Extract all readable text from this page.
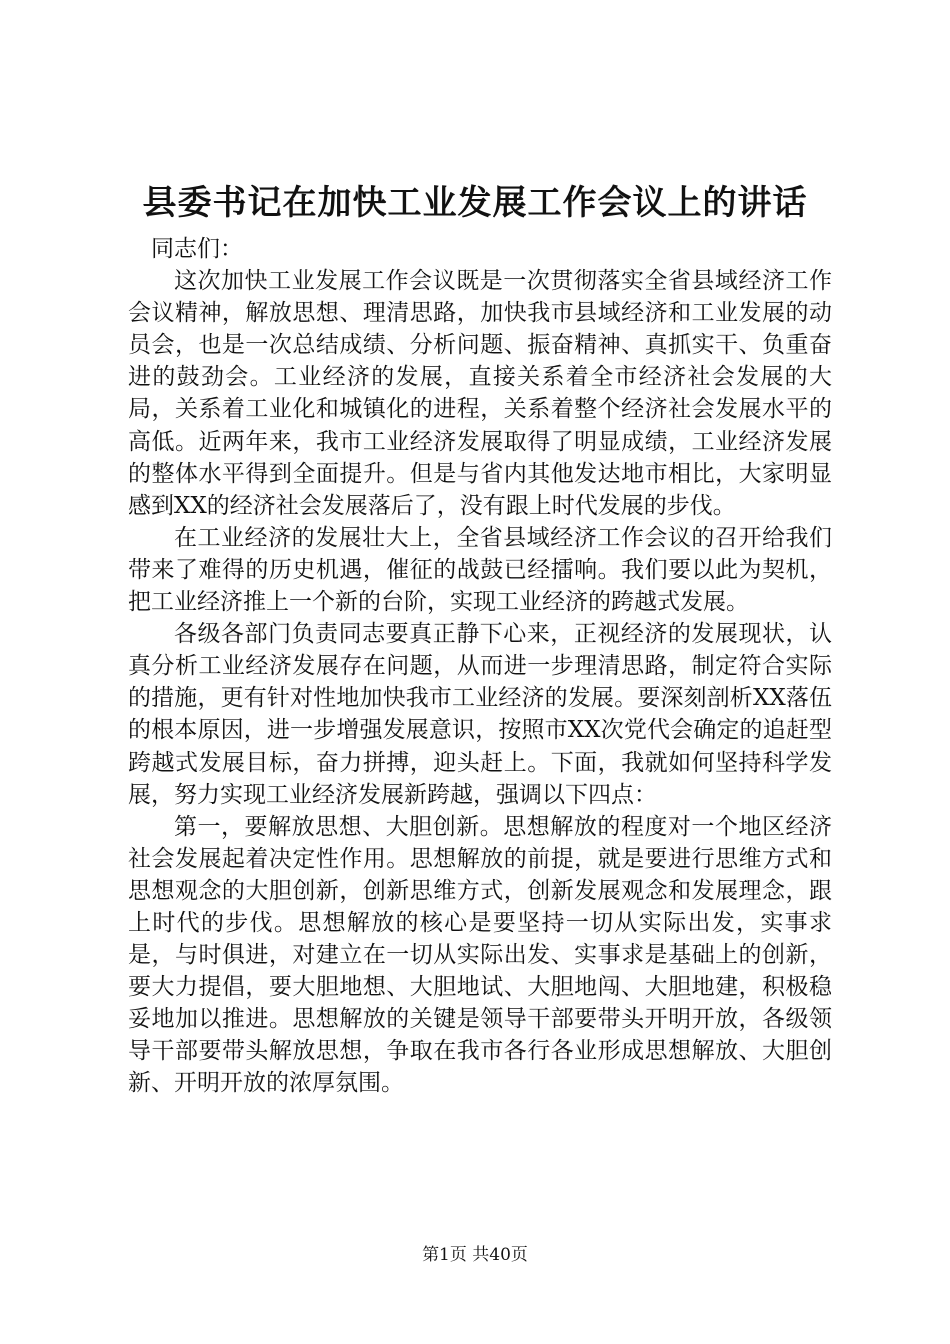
县委书记在加快工业发展工作会议上的讲话

同志们：

这次加快工业发展工作会议既是一次贯彻落实全省县域经济工作会议精神，解放思想、理清思路，加快我市县域经济和工业发展的动员会，也是一次总结成绩、分析问题、振奋精神、真抓实干、负重奋进的鼓劲会。工业经济的发展，直接关系着全市经济社会发展的大局，关系着工业化和城镇化的进程，关系着整个经济社会发展水平的高低。近两年来，我市工业经济发展取得了明显成绩，工业经济发展的整体水平得到全面提升。但是与省内其他发达地市相比，大家明显感到XX的经济社会发展落后了，没有跟上时代发展的步伐。

在工业经济的发展壮大上，全省县域经济工作会议的召开给我们带来了难得的历史机遇，催征的战鼓已经擂响。我们要以此为契机，把工业经济推上一个新的台阶，实现工业经济的跨越式发展。

各级各部门负责同志要真正静下心来，正视经济的发展现状，认真分析工业经济发展存在问题，从而进一步理清思路，制定符合实际的措施，更有针对性地加快我市工业经济的发展。要深刻剖析XX落伍的根本原因，进一步增强发展意识，按照市XX次党代会确定的追赶型跨越式发展目标，奋力拼搏，迎头赶上。下面，我就如何坚持科学发展，努力实现工业经济发展新跨越，强调以下四点：

第一，要解放思想、大胆创新。思想解放的程度对一个地区经济社会发展起着决定性作用。思想解放的前提，就是要进行思维方式和思想观念的大胆创新，创新思维方式，创新发展观念和发展理念，跟上时代的步伐。思想解放的核心是要坚持一切从实际出发，实事求是，与时俱进，对建立在一切从实际出发、实事求是基础上的创新，要大力提倡，要大胆地想、大胆地试、大胆地闯、大胆地建，积极稳妥地加以推进。思想解放的关键是领导干部要带头开明开放，各级领导干部要带头解放思想，争取在我市各行各业形成思想解放、大胆创新、开明开放的浓厚氛围。

第1页 共40页
